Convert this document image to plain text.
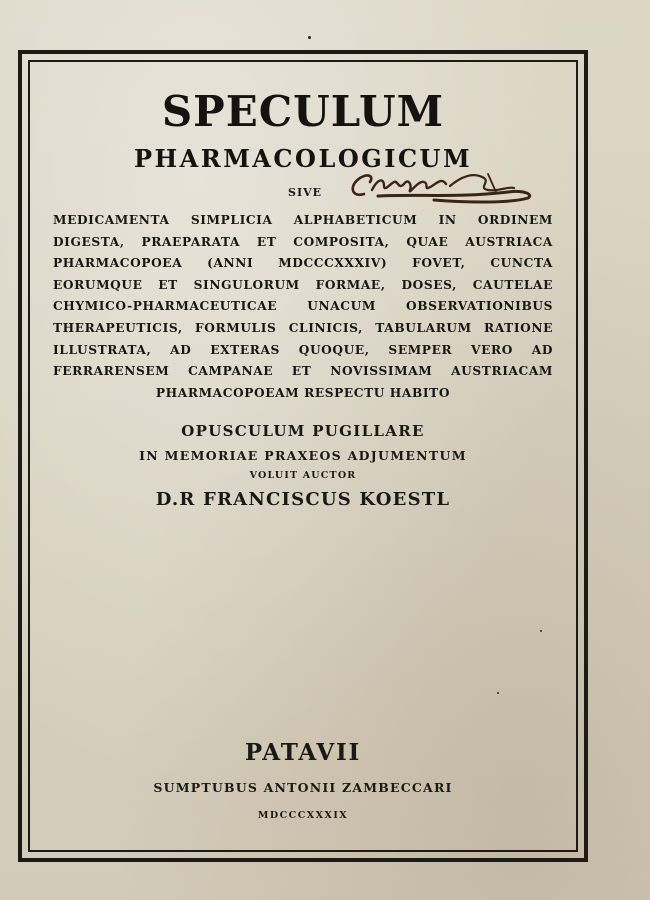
SPECULUM
PHARMACOLOGICUM
SIVE
MEDICAMENTA SIMPLICIA ALPHABETICUM IN ORDINEM DIGESTA, PRAEPARATA ET COMPOSITA, QUAE AUSTRIACA PHARMACOPOEA (ANNI MDCCCXXXIV) FOVET, CUNCTA EORUMQUE ET SINGULORUM FORMAE, DOSES, CAUTELAE CHYMICO-PHARMACEUTICAE UNACUM OBSERVATIONIBUS THERAPEUTICIS, FORMULIS CLINICIS, TABULARUM RATIONE ILLUSTRATA, AD EXTERAS QUOQUE, SEMPER VERO AD FERRARENSEM CAMPANAE ET NOVISSIMAM AUSTRIACAM PHARMACOPOEAM RESPECTU HABITO
OPUSCULUM PUGILLARE
IN MEMORIAE PRAXEOS ADJUMENTUM
VOLUIT AUCTOR
D.R FRANCISCUS KOESTL
PATAVII
SUMPTUBUS ANTONII ZAMBECCARI
MDCCCXXXIX
